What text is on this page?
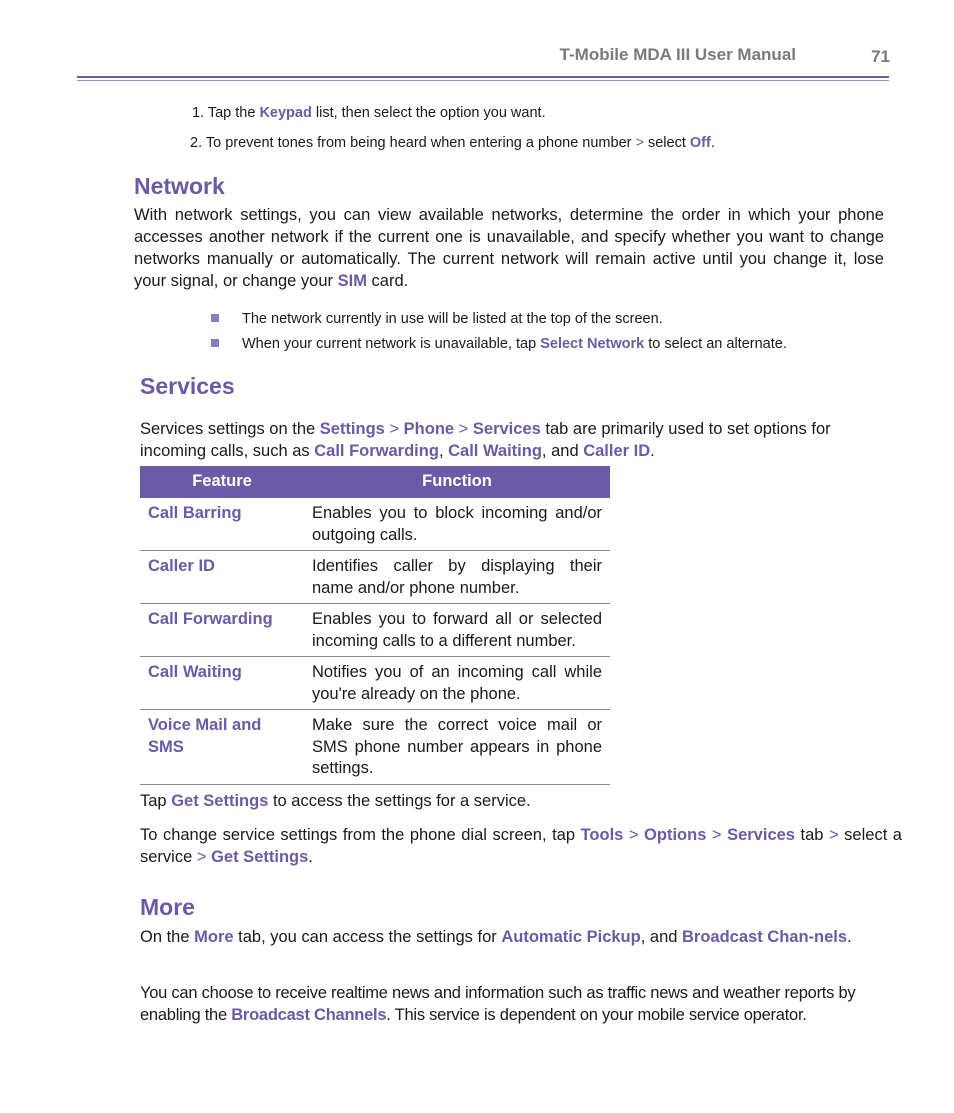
T-Mobile MDA III User Manual	71
1. Tap the Keypad list, then select the option you want.
2. To prevent tones from being heard when entering a phone number > select Off.
Network
With network settings, you can view available networks, determine the order in which your phone accesses another network if the current one is unavailable, and specify whether you want to change networks manually or automatically. The current network will remain active until you change it, lose your signal, or change your SIM card.
The network currently in use will be listed at the top of the screen.
When your current network is unavailable, tap Select Network to select an alternate.
Services
Services settings on the Settings > Phone > Services tab are primarily used to set options for incoming calls, such as Call Forwarding, Call Waiting, and Caller ID.
Feature	Function
Call Barring	Enables you to block incoming and/or outgoing calls.
Caller ID	Identifies caller by displaying their name and/or phone number.
Call Forwarding	Enables you to forward all or selected incoming calls to a different number.
Call Waiting	Notifies you of an incoming call while you're already on the phone.
Voice Mail and SMS	Make sure the correct voice mail or SMS phone number appears in phone settings.
Tap Get Settings to access the settings for a service.
To change service settings from the phone dial screen, tap Tools > Options > Services tab > select a service > Get Settings.
More
On the More tab, you can access the settings for Automatic Pickup, and Broadcast Chan-nels.
You can choose to receive realtime news and information such as traffic news and weather reports by enabling the Broadcast Channels. This service is dependent on your mobile service operator.
